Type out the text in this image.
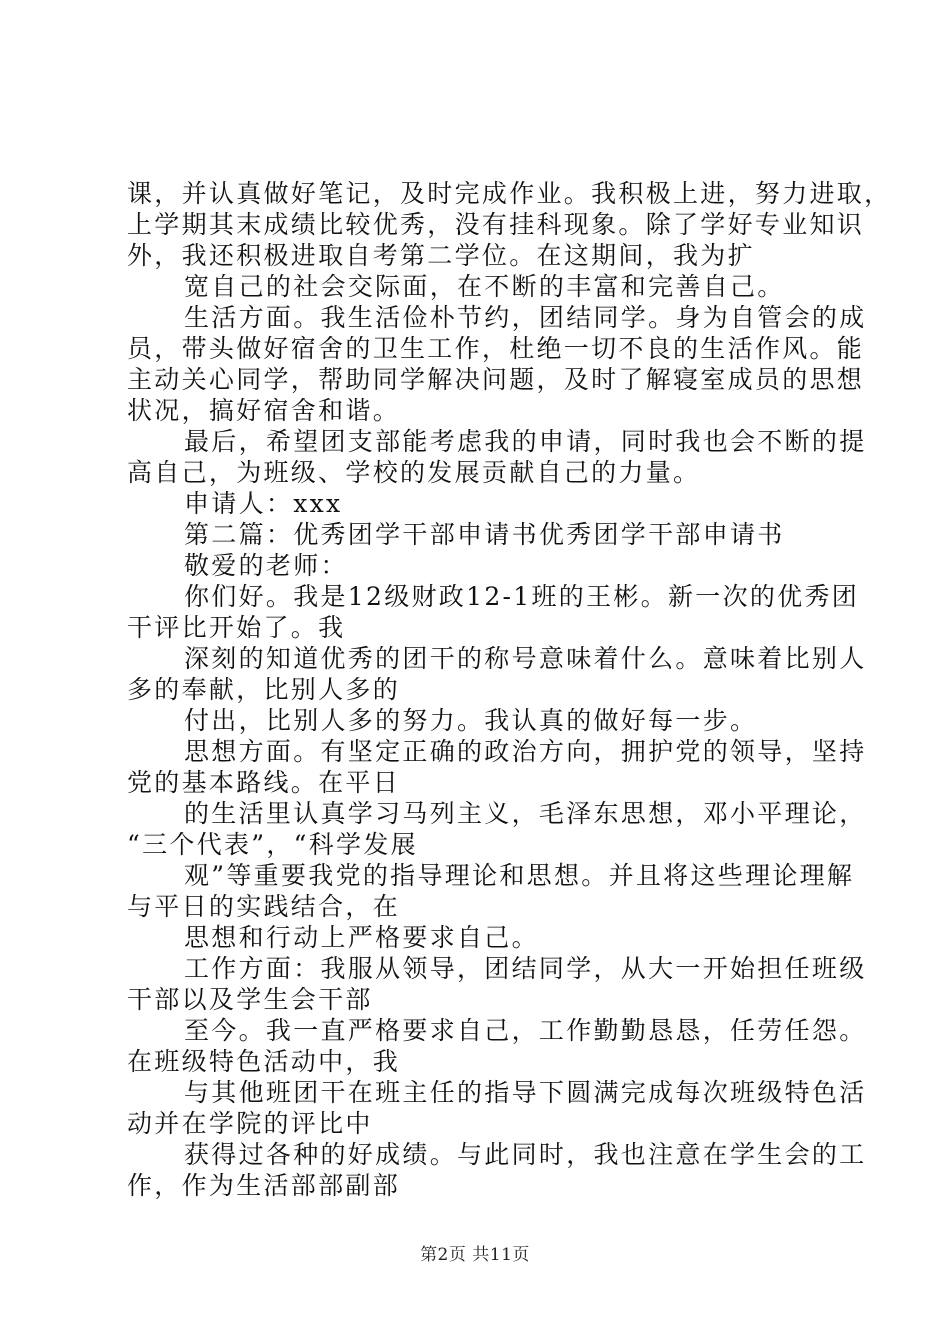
课，并认真做好笔记，及时完成作业。我积极上进，努力进取，
上学期其末成绩比较优秀，没有挂科现象。除了学好专业知识
外，我还积极进取自考第二学位。在这期间，我为扩
宽自己的社会交际面，在不断的丰富和完善自己。
生活方面。我生活俭朴节约，团结同学。身为自管会的成
员，带头做好宿舍的卫生工作，杜绝一切不良的生活作风。能
主动关心同学，帮助同学解决问题，及时了解寝室成员的思想
状况，搞好宿舍和谐。
最后，希望团支部能考虑我的申请，同时我也会不断的提
高自己，为班级、学校的发展贡献自己的力量。
申请人：xxx
第二篇：优秀团学干部申请书优秀团学干部申请书
敬爱的老师：
你们好。我是12级财政12-1班的王彬。新一次的优秀团
干评比开始了。我
深刻的知道优秀的团干的称号意味着什么。意味着比别人
多的奉献，比别人多的
付出，比别人多的努力。我认真的做好每一步。
思想方面。有坚定正确的政治方向，拥护党的领导，坚持
党的基本路线。在平日
的生活里认真学习马列主义，毛泽东思想，邓小平理论，
“三个代表”，“科学发展
观”等重要我党的指导理论和思想。并且将这些理论理解
与平日的实践结合，在
思想和行动上严格要求自己。
工作方面：我服从领导，团结同学，从大一开始担任班级
干部以及学生会干部
至今。我一直严格要求自己，工作勤勤恳恳，任劳任怨。
在班级特色活动中，我
与其他班团干在班主任的指导下圆满完成每次班级特色活
动并在学院的评比中
获得过各种的好成绩。与此同时，我也注意在学生会的工
作，作为生活部部副部
第2页 共11页
